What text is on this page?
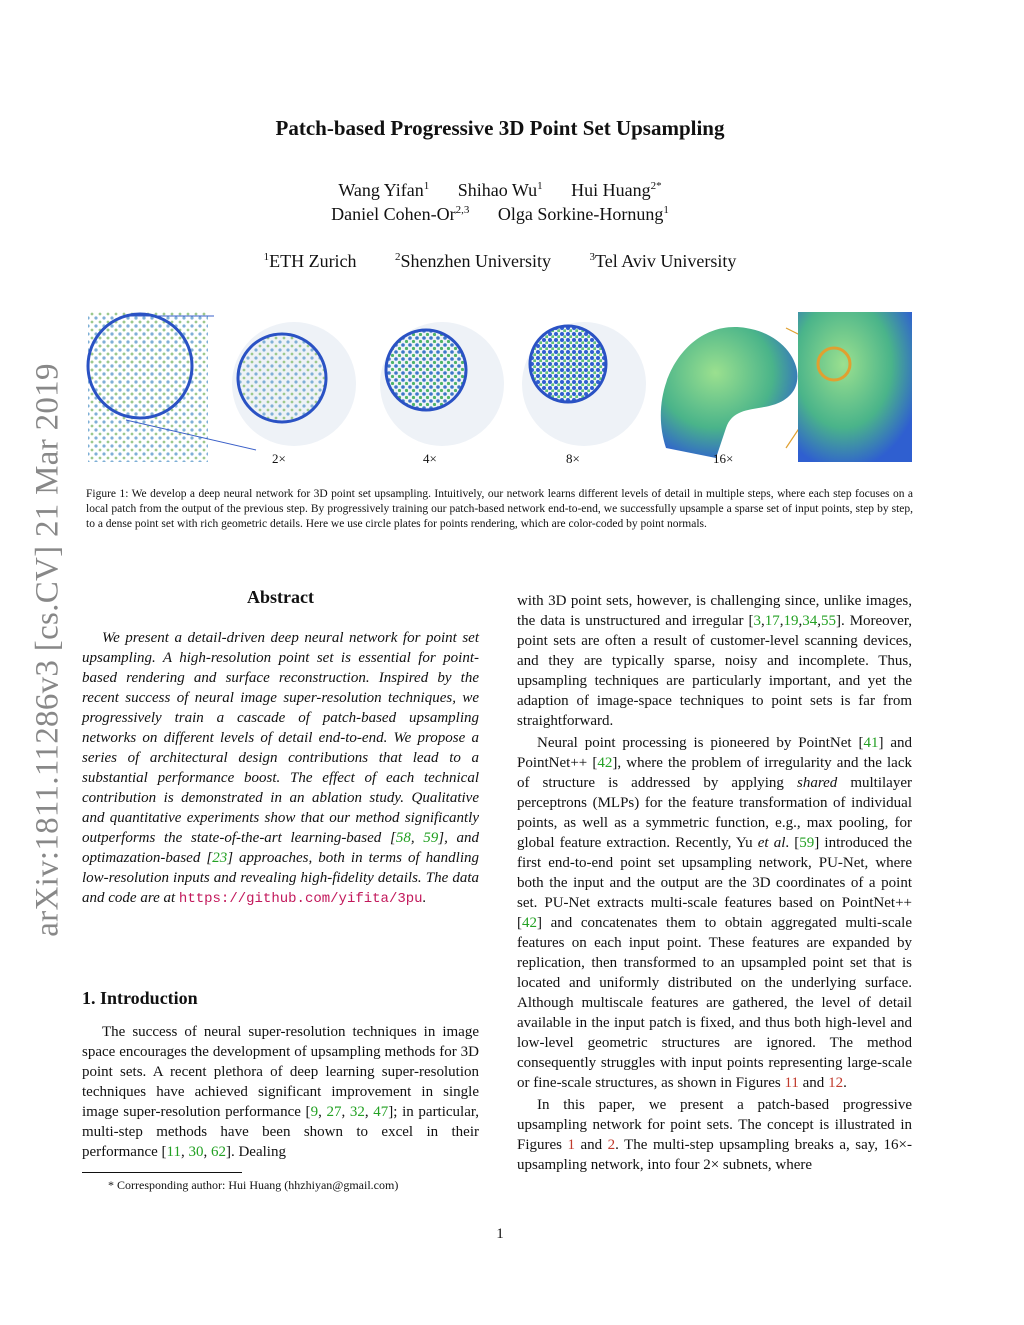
arXiv:1811.11286v3 [cs.CV] 21 Mar 2019
Patch-based Progressive 3D Point Set Upsampling
Wang Yifan$^1$ Shihao Wu$^1$ Hui Huang$^{2*}$
Daniel Cohen-Or$^{2,3}$ Olga Sorkine-Hornung$^1$
$^1$ETH Zurich	$^2$Shenzhen University	$^3$Tel Aviv University
2×	4×	8×	16×
Figure 1: We develop a deep neural network for 3D point set upsampling. Intuitively, our network learns different levels of detail in multiple steps, where each step focuses on a local patch from the output of the previous step. By progressively training our patch-based network end-to-end, we successfully upsample a sparse set of input points, step by step, to a dense point set with rich geometric details. Here we use circle plates for points rendering, which are color-coded by point normals.
Abstract

We present a detail-driven deep neural network for point set upsampling. A high-resolution point set is essential for point-based rendering and surface reconstruction. Inspired by the recent success of neural image super-resolution techniques, we progressively train a cascade of patch-based upsampling networks on different levels of detail end-to-end. We propose a series of architectural design contributions that lead to a substantial performance boost. The effect of each technical contribution is demonstrated in an ablation study. Qualitative and quantitative experiments show that our method significantly outperforms the state-of-the-art learning-based [58, 59], and optimazation-based [23] approaches, both in terms of handling low-resolution inputs and revealing high-fidelity details. The data and code are at https://github.com/yifita/3pu.

1. Introduction

The success of neural super-resolution techniques in image space encourages the development of upsampling methods for 3D point sets. A recent plethora of deep learning super-resolution techniques have achieved significant improvement in single image super-resolution performance [9, 27, 32, 47]; in particular, multi-step methods have been shown to excel in their performance [11, 30, 62]. Dealing

with 3D point sets, however, is challenging since, unlike images, the data is unstructured and irregular [3,17,19,34,55]. Moreover, point sets are often a result of customer-level scanning devices, and they are typically sparse, noisy and incomplete. Thus, upsampling techniques are particularly important, and yet the adaption of image-space techniques to point sets is far from straightforward.

Neural point processing is pioneered by PointNet [41] and PointNet++ [42], where the problem of irregularity and the lack of structure is addressed by applying shared multilayer perceptrons (MLPs) for the feature transformation of individual points, as well as a symmetric function, e.g., max pooling, for global feature extraction. Recently, Yu et al. [59] introduced the first end-to-end point set upsampling network, PU-Net, where both the input and the output are the 3D coordinates of a point set. PU-Net extracts multi-scale features based on PointNet++ [42] and concatenates them to obtain aggregated multi-scale features on each input point. These features are expanded by replication, then transformed to an upsampled point set that is located and uniformly distributed on the underlying surface. Although multiscale features are gathered, the level of detail available in the input patch is fixed, and thus both high-level and low-level geometric structures are ignored. The method consequently struggles with input points representing large-scale or fine-scale structures, as shown in Figures 11 and 12.

In this paper, we present a patch-based progressive upsampling network for point sets. The concept is illustrated in Figures 1 and 2. The multi-step upsampling breaks a, say, 16×-upsampling network, into four 2× subnets, where

* Corresponding author: Hui Huang (hhzhiyan@gmail.com)
1
